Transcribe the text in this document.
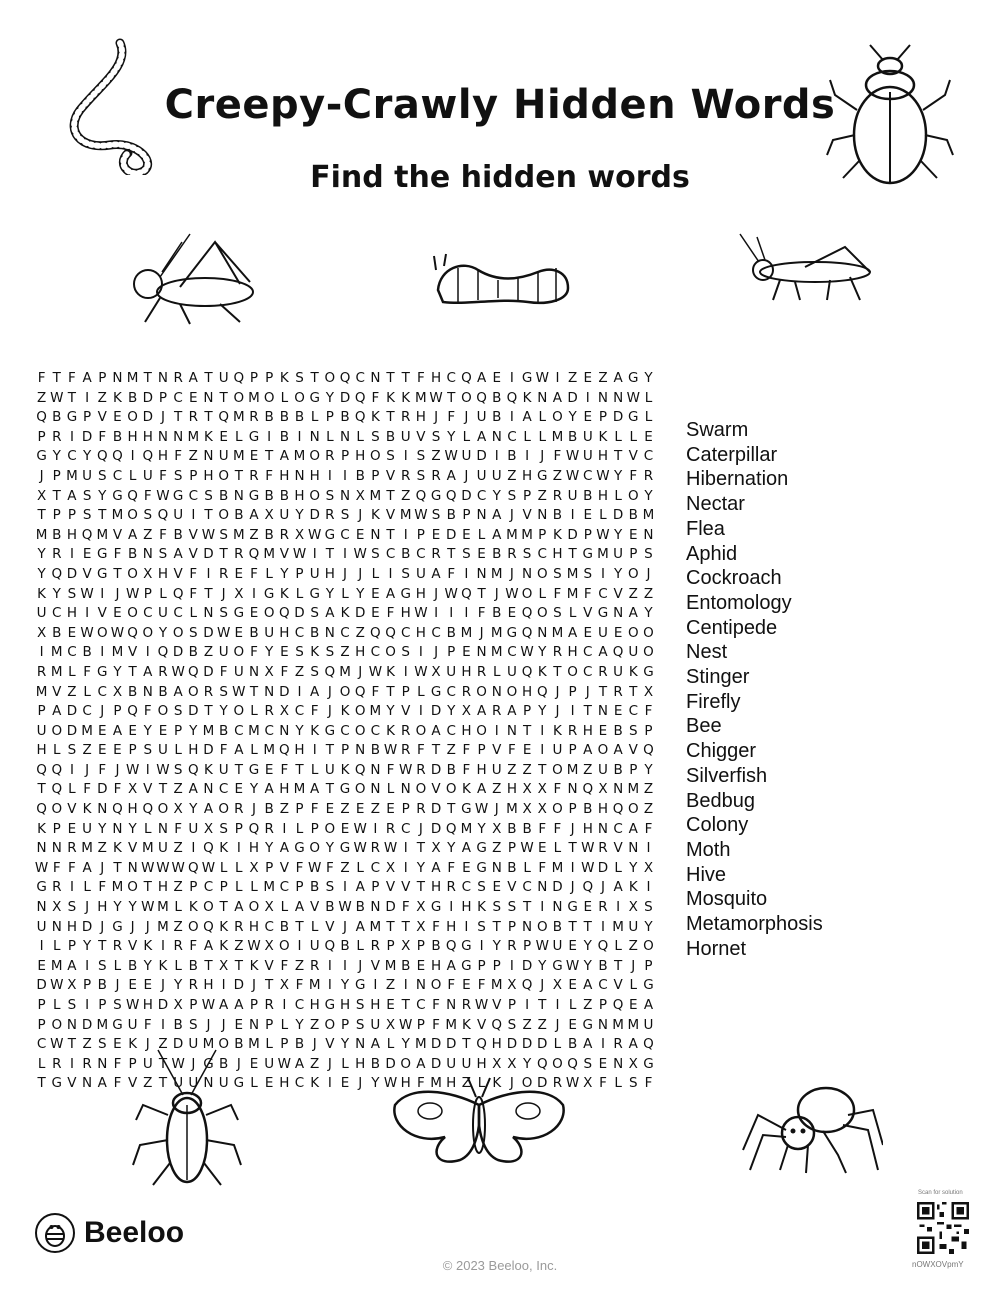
Creepy-Crawly Hidden Words
Find the hidden words
F T F A P N M T N R A T U Q P P K S T O Q C N T T F H C Q A E I G W I Z E Z A G Y
Z W T I Z K B D P C E N T O M O L O G Y D Q F K K M W T O Q B Q K N A D I N N W L
Q B G P V E O D J T R T Q M R B B B L P B Q K T R H J F J U B I A L O Y E P D G L
P R I D F B H H N N M K E L G I B I N L N L S B U V S Y L A N C L L M B U K L L E
G Y C Y Q Q I Q H F Z N U M E T A M O R P H O S I S Z W U D I B I J F W U H T V C
J P M U S C L U F S P H O T R F H N H I I B P V R S R A J U U Z H G Z W C W Y F R
X T A S Y G Q F W G C S B N G B B H O S N X M T Z Q G Q D C Y S P Z R U B H L O Y
T P P S T M O S Q U I T O B A X U Y D R S J K V M W S B P N A J V N B I E L D B M
M B H Q M V A Z F B V W S M Z B R X W G C E N T I P E D E L A M M P K D P W Y E N
Y R I E G F B N S A V D T R Q M V W I T I W S C B C R T S E B R S C H T G M U P S
Y Q D V G T O X H V F I R E F L Y P U H J J L I S U A F I N M J N O S M S I Y O J
K Y S W I J W P L Q F T J X I G K L G Y L Y E A G H J W Q T J W O L F M F C V Z Z
U C H I V E O C U C L N S G E O Q D S A K D E F H W I I I F B E Q O S L V G N A Y
X B E W O W Q O Y O S D W E B U H C B N C Z Q Q C H C B M J M G Q N M A E U E O O
I M C B I M V I Q D B Z U O F Y E S K S Z H C O S I J P E N M C W Y R H C A Q U O
R M L F G Y T A R W Q D F U N X F Z S Q M J W K I W X U H R L U Q K T O C R U K G
M V Z L C X B N B A O R S W T N D I A J O Q F T P L G C R O N O H Q J P J T R T X
P A D C J P Q F O S D T Y O L R X C F J K O M Y V I D Y X A R A P Y J I T N E C F
U O D M E A E Y E P Y M B C M C N Y K G C O C K R O A C H O I N T I K R H E B S P
H L S Z E E P S U L H D F A L M Q H I T P N B W R F T Z F P V F E I U P A O A V Q
Q Q I J F J W I W S Q K U T G E F T L U K Q N F W R D B F H U Z Z T O M Z U B P Y
T Q L F D F X V T Z A N C E Y A H M A T G O N L N O V O K A Z H X X F N Q X N M Z
Q O V K N Q H Q O X Y A O R J B Z P F E Z E Z E P R D T G W J M X X O P B H Q O Z
K P E U Y N Y L N F U X S P Q R I L P O E W I R C J D Q M Y X B B F F J H N C A F
N N R M Z K V M U Z I Q K I H Y A G O Y G W R W I T X Y A G Z P W E L T W R V N I
W F F A J T N W W W Q W L L X P V F W F Z L C X I Y A F E G N B L F M I W D L Y X
G R I L F M O T H Z P C P L L M C P B S I A P V V T H R C S E V C N D J Q J A K I
N X S J H Y Y W M L K O T A O X L A V B W B N D F X G I H K S S T I N G E R I X S
U N H D J G J J M Z O Q K R H C B T L V J A M T T X F H I S T P N O B T T I M U Y
I L P Y T R V K I R F A K Z W X O I U Q B L R P X P B Q G I Y R P W U E Y Q L Z O
E M A I S L B Y K L B T X T K V F Z R I I J V M B E H A G P P I D Y G W Y B T J P
D W X P B J E E J Y R H I D J T X F M I Y G I Z I N O F E F M X Q J X E A C V L G
P L S I P S W H D X P W A A P R I C H G H S H E T C F N R W V P I T I L Z P Q E A
P O N D M G U F I B S J J E N P L Y Z O P S U X W P F M K V Q S Z Z J E G N M M U
C W T Z S E K J Z D U M O B M L P B J V Y N A L Y M D D T Q H D D D L B A I R A Q
L R I R N F P U T W J G B J E U W A Z J L H B D O A D U U H X X Y Q O Q S E N X G
T G V N A F V Z T U U N U G L E H C K I E J Y W H F M H Z L K J O D R W X F L S F
Swarm
Caterpillar
Hibernation
Nectar
Flea
Aphid
Cockroach
Entomology
Centipede
Nest
Stinger
Firefly
Bee
Chigger
Silverfish
Bedbug
Colony
Moth
Hive
Mosquito
Metamorphosis
Hornet
Beeloo
© 2023 Beeloo, Inc.
Scan for solution
nOWXOVpmY
